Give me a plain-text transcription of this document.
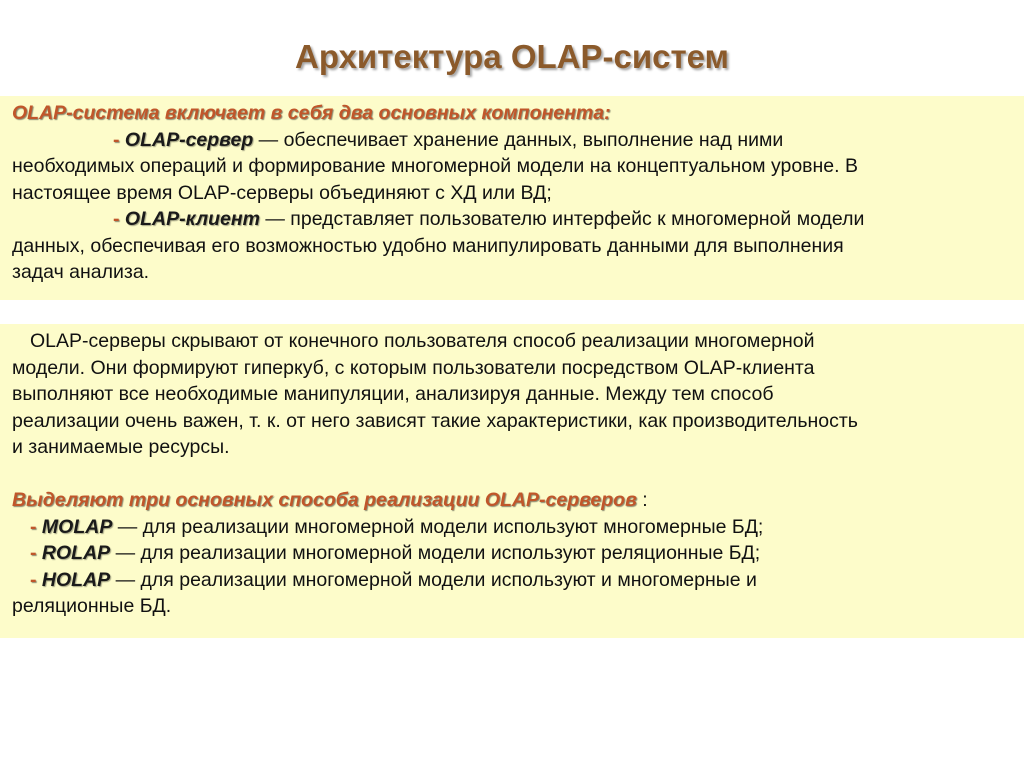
Архитектура OLAP-систем
OLAP-система включает в себя два основных компонента:
- OLAP-сервер — обеспечивает хранение данных, выполнение над ними
необходимых операций и формирование многомерной модели на концептуальном уровне. В
настоящее время OLAP-серверы объединяют с ХД или ВД;
- OLAP-клиент — представляет пользователю интерфейс к многомерной модели
данных, обеспечивая его возможностью удобно манипулировать данными для выполнения
задач анализа.
OLAP-серверы скрывают от конечного пользователя способ реализации многомерной
модели. Они формируют гиперкуб, с которым пользователи посредством OLAP-клиента
выполняют все необходимые манипуляции, анализируя данные. Между тем способ
реализации очень важен, т. к. от него зависят такие характеристики, как производительность
и занимаемые ресурсы.
Выделяют три основных способа реализации OLAP-серверов :
- MOLAP — для реализации многомерной модели используют многомерные БД;
- ROLAP — для реализации многомерной модели используют реляционные БД;
- HOLAP — для реализации многомерной модели используют и многомерные и
реляционные БД.
